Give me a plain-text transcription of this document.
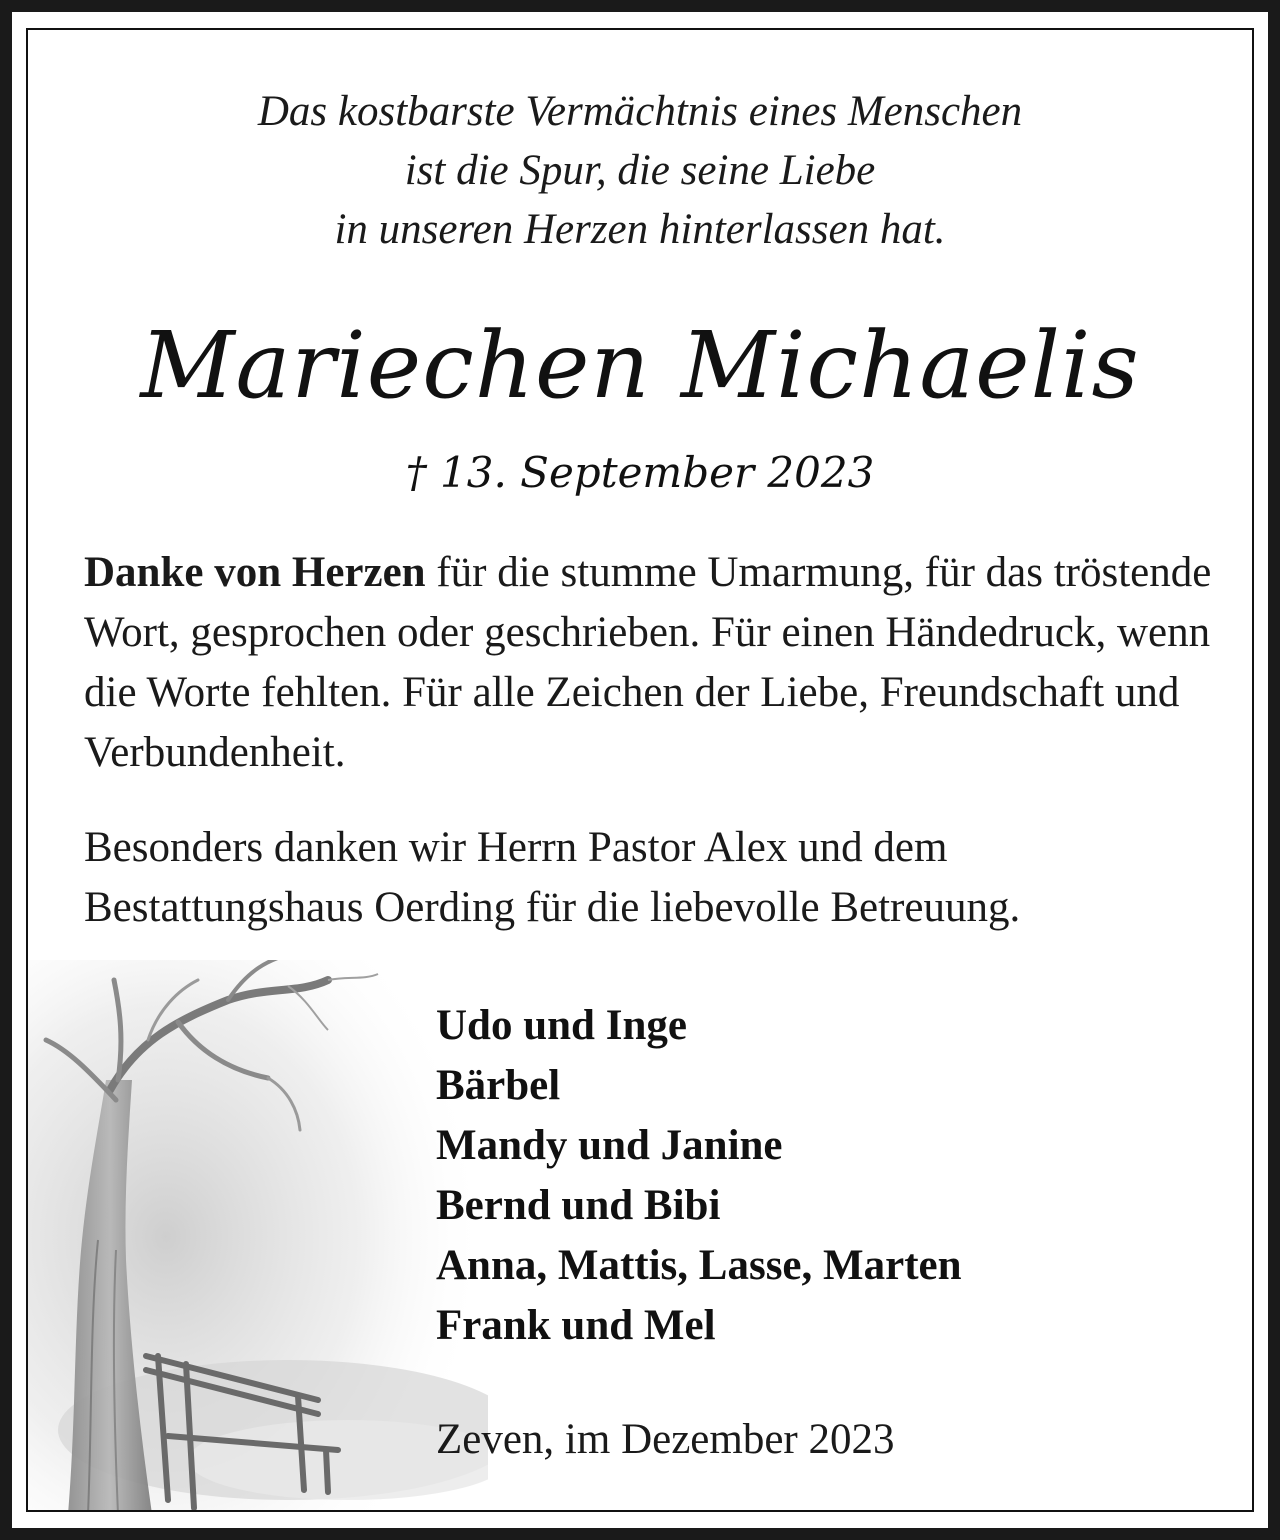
Das kostbarste Vermächtnis eines Menschen
ist die Spur, die seine Liebe
in unseren Herzen hinterlassen hat.
Mariechen Michaelis
† 13. September 2023
Danke von Herzen für die stumme Umarmung, für das tröstende Wort, gesprochen oder geschrieben. Für einen Händedruck, wenn die Worte fehlten. Für alle Zeichen der Liebe, Freundschaft und Verbundenheit.
Besonders danken wir Herrn Pastor Alex und dem Bestattungshaus Oerding für die liebevolle Betreuung.
Udo und Inge
Bärbel
Mandy und Janine
Bernd und Bibi
Anna, Mattis, Lasse, Marten
Frank und Mel
Zeven, im Dezember 2023
